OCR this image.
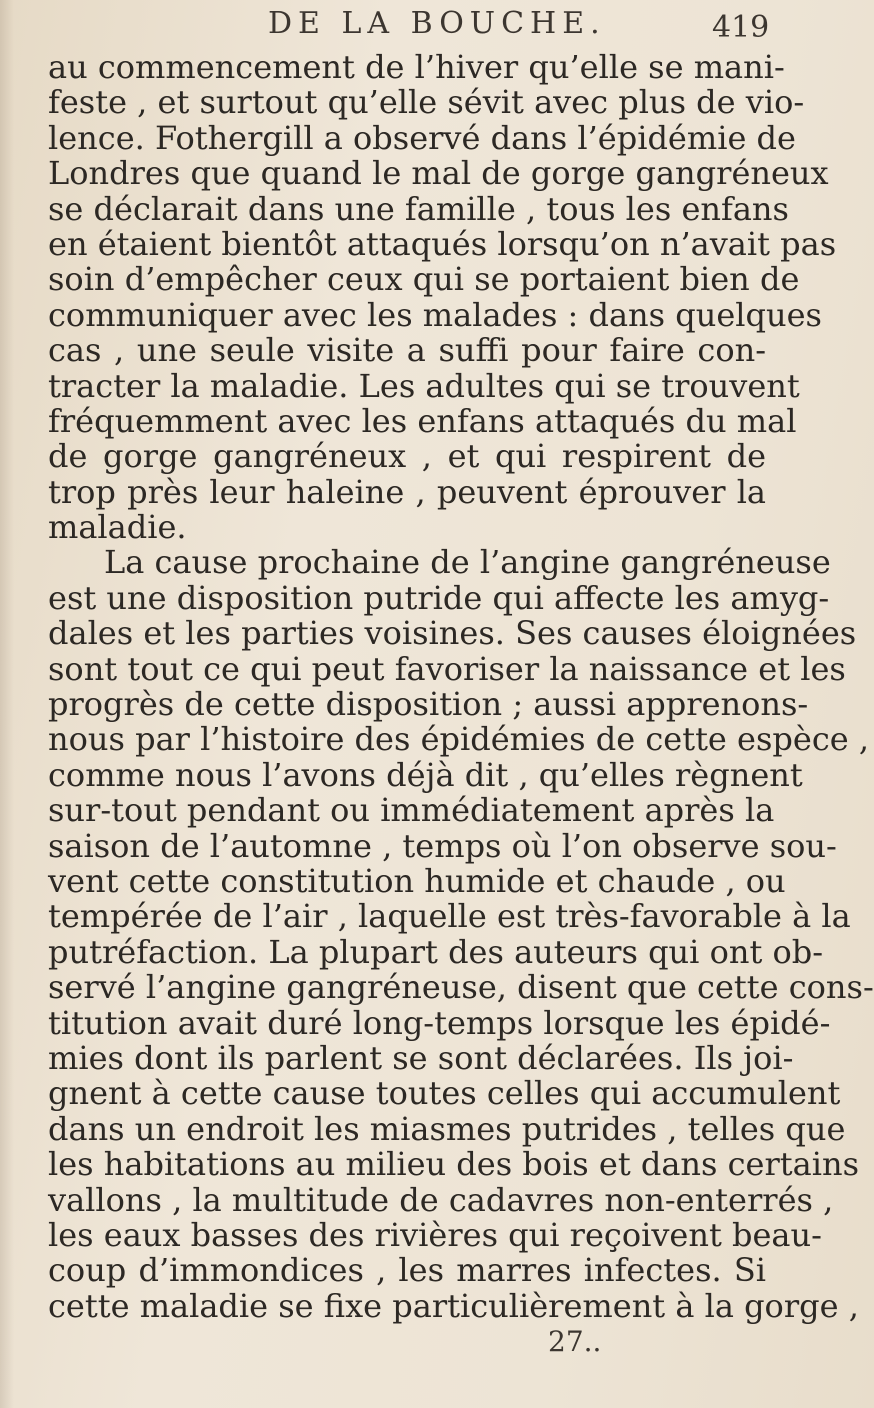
DE LA BOUCHE.	419
au commencement de l’hiver qu’elle se mani-
feste , et surtout qu’elle sévit avec plus de vio-
lence. Fothergill a observé dans l’épidémie de
Londres que quand le mal de gorge gangréneux
se déclarait dans une famille , tous les enfans
en étaient bientôt attaqués lorsqu’on n’avait pas
soin d’empêcher ceux qui se portaient bien de
communiquer avec les malades : dans quelques
cas , une seule visite a suffi pour faire con-
tracter la maladie. Les adultes qui se trouvent
fréquemment avec les enfans attaqués du mal
de gorge gangréneux , et qui respirent de
trop près leur haleine , peuvent éprouver la
maladie.
La cause prochaine de l’angine gangréneuse
est une disposition putride qui affecte les amyg-
dales et les parties voisines. Ses causes éloignées
sont tout ce qui peut favoriser la naissance et les
progrès de cette disposition ; aussi apprenons-
nous par l’histoire des épidémies de cette espèce ,
comme nous l’avons déjà dit , qu’elles règnent
sur-tout pendant ou immédiatement après la
saison de l’automne , temps où l’on observe sou-
vent cette constitution humide et chaude , ou
tempérée de l’air , laquelle est très-favorable à la
putréfaction. La plupart des auteurs qui ont ob-
servé l’angine gangréneuse, disent que cette cons-
titution avait duré long-temps lorsque les épidé-
mies dont ils parlent se sont déclarées. Ils joi-
gnent à cette cause toutes celles qui accumulent
dans un endroit les miasmes putrides , telles que
les habitations au milieu des bois et dans certains
vallons , la multitude de cadavres non-enterrés ,
les eaux basses des rivières qui reçoivent beau-
coup d’immondices , les marres infectes. Si
cette maladie se fixe particulièrement à la gorge ,
27..
